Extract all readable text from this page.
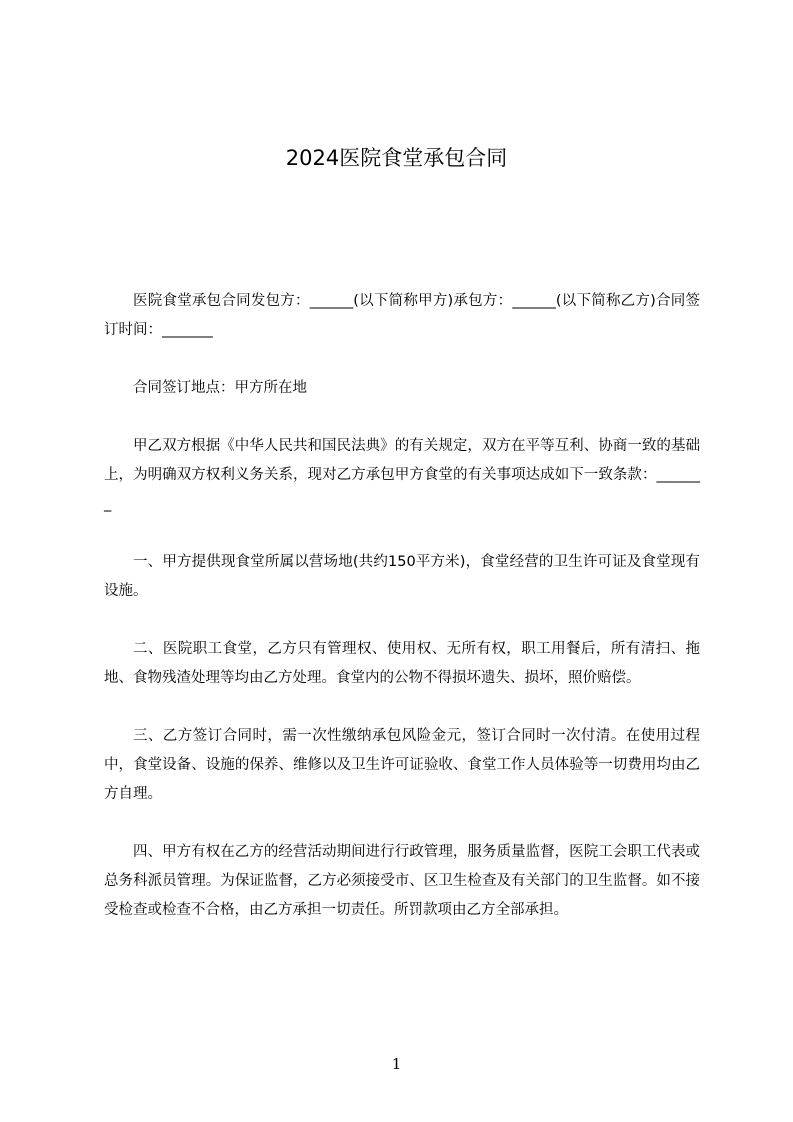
2024医院食堂承包合同

医院食堂承包合同发包方：______(以下简称甲方)承包方：______(以下简称乙方)合同签订时间：_______

合同签订地点：甲方所在地

甲乙双方根据《中华人民共和国民法典》的有关规定，双方在平等互利、协商一致的基础上，为明确双方权利义务关系，现对乙方承包甲方食堂的有关事项达成如下一致条款：_______

一、甲方提供现食堂所属以营场地(共约150平方米)，食堂经营的卫生许可证及食堂现有设施。

二、医院职工食堂，乙方只有管理权、使用权、无所有权，职工用餐后，所有清扫、拖地、食物残渣处理等均由乙方处理。食堂内的公物不得损坏遗失、损坏，照价赔偿。

三、乙方签订合同时，需一次性缴纳承包风险金元，签订合同时一次付清。在使用过程中，食堂设备、设施的保养、维修以及卫生许可证验收、食堂工作人员体验等一切费用均由乙方自理。

四、甲方有权在乙方的经营活动期间进行行政管理，服务质量监督，医院工会职工代表或总务科派员管理。为保证监督，乙方必须接受市、区卫生检查及有关部门的卫生监督。如不接受检查或检查不合格，由乙方承担一切责任。所罚款项由乙方全部承担。

1
